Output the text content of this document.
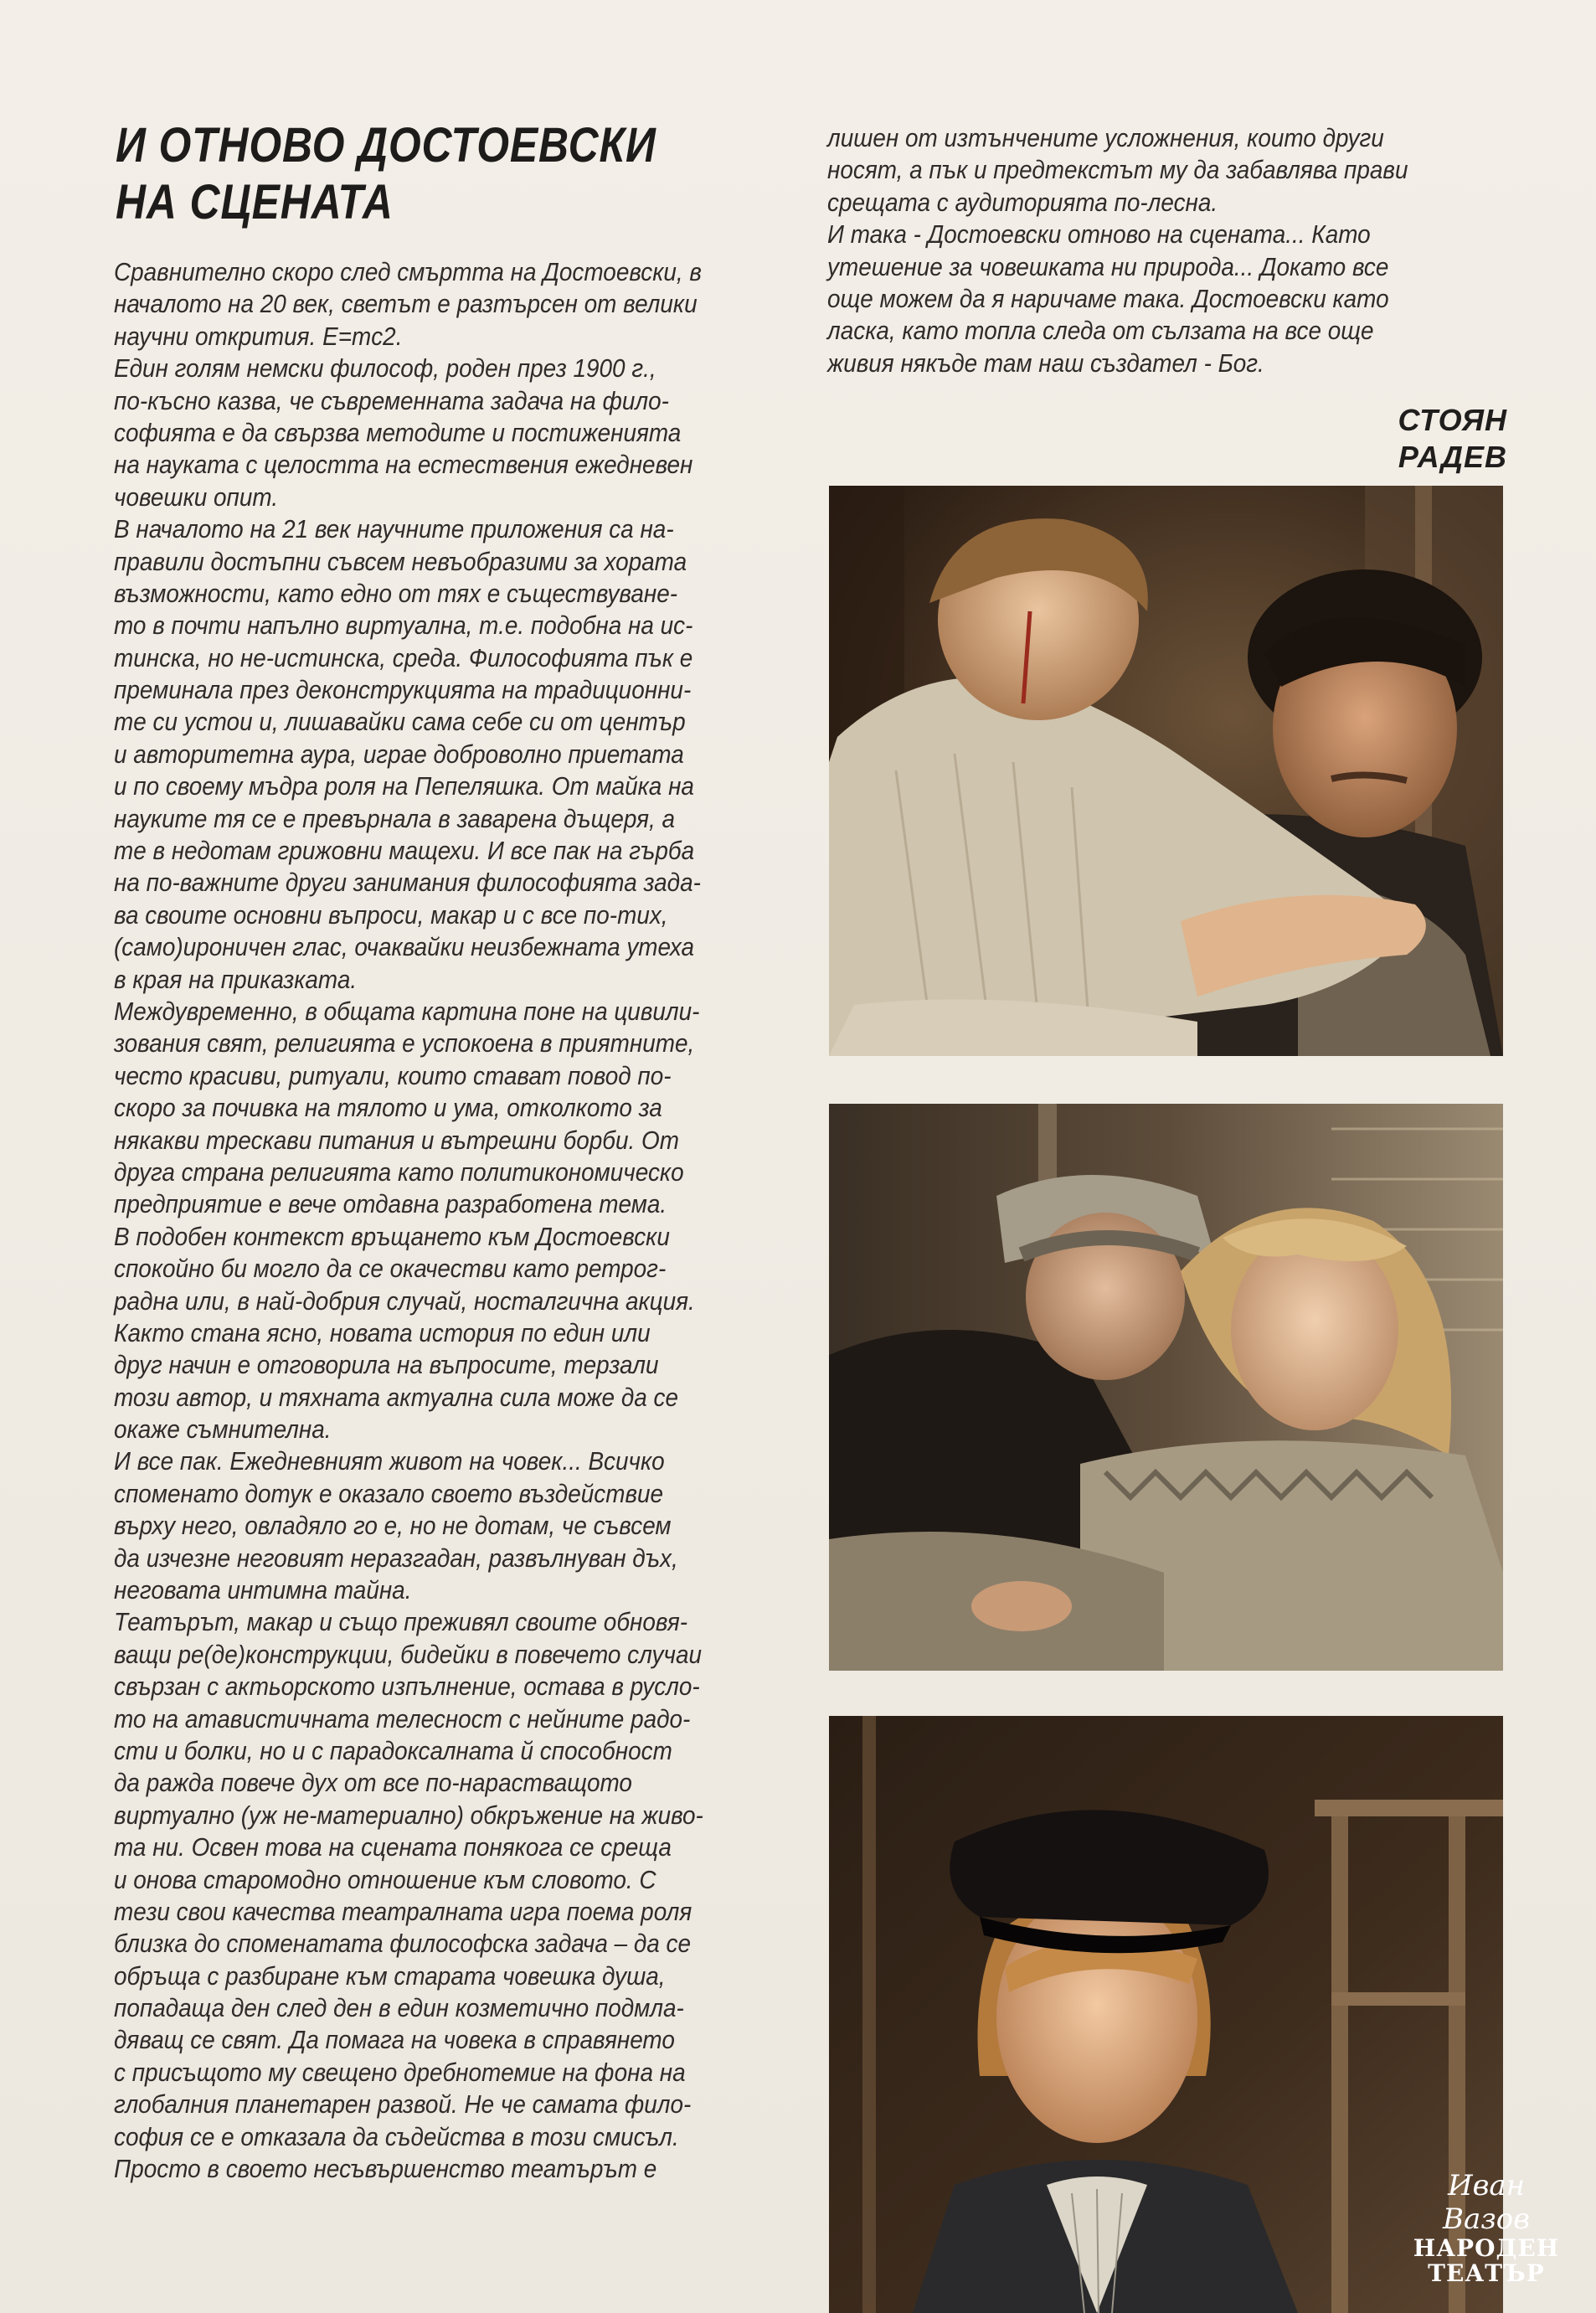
И ОТНОВО ДОСТОЕВСКИ
НА СЦЕНАТА
Сравнително скоро след смъртта на Достоевски, в
началото на 20 век, светът е разтърсен от велики
научни открития. E=mc2.
Един голям немски философ, роден през 1900 г.,
по-късно казва, че съвременната задача на фило-
софията е да свързва методите и постиженията
на науката с целостта на естествения ежедневен
човешки опит.
В началото на 21 век научните приложения са на-
правили достъпни съвсем невъобразими за хората
възможности, като едно от тях е съществуване-
то в почти напълно виртуална, т.е. подобна на ис-
тинска, но не-истинска, среда. Философията пък е
преминала през деконструкцията на традиционни-
те си устои и, лишавайки сама себе си от център
и авторитетна аура, играе доброволно приетата
и по своему мъдра роля на Пепеляшка. От майка на
науките тя се е превърнала в заварена дъщеря, а
те в недотам грижовни мащехи. И все пак на гърба
на по-важните други занимания философията зада-
ва своите основни въпроси, макар и с все по-тих,
(само)ироничен глас, очаквайки неизбежната утеха
в края на приказката.
Междувременно, в общата картина поне на цивили-
зования свят, религията е успокоена в приятните,
често красиви, ритуали, които стават повод по-
скоро за почивка на тялото и ума, отколкото за
някакви трескави питания и вътрешни борби. От
друга страна религията като политикономическо
предприятие е вече отдавна разработена тема.
В подобен контекст връщането към Достоевски
спокойно би могло да се окачестви като ретрог-
радна или, в най-добрия случай, носталгична акция.
Както стана ясно, новата история по един или
друг начин е отговорила на въпросите, терзали
този автор, и тяхната актуална сила може да се
окаже съмнителна.
И все пак. Ежедневният живот на човек... Всичко
споменато дотук е оказало своето въздействие
върху него, овладяло го е, но не дотам, че съвсем
да изчезне неговият неразгадан, развълнуван дъх,
неговата интимна тайна.
Театърът, макар и също преживял своите обновя-
ващи ре(де)конструкции, бидейки в повечето случаи
свързан с актьорското изпълнение, остава в русло-
то на атавистичната телесност с нейните радо-
сти и болки, но и с парадоксалната й способност
да ражда повече дух от все по-нарастващото
виртуално (уж не-материално) обкръжение на живо-
та ни. Освен това на сцената понякога се среща
и онова старомодно отношение към словото. С
тези свои качества театралната игра поема роля
близка до споменатата философска задача – да се
обръща с разбиране към старата човешка душа,
попадаща ден след ден в един козметично подмла-
дяващ се свят. Да помага на човека в справянето
с присъщото му свещено дребнотемие на фона на
глобалния планетарен развой. Не че самата фило-
софия се е отказала да съдейства в този смисъл.
Просто в своето несъвършенство театърът е
лишен от изтънчените усложнения, които други
носят, а пък и предтекстът му да забавлява прави
срещата с аудиторията по-лесна.
И така - Достоевски отново на сцената... Като
утешение за човешката ни природа... Докато все
още можем да я наричаме така. Достоевски като
ласка, като топла следа от сълзата на все още
живия някъде там наш създател - Бог.
СТОЯН РАДЕВ
Иван Вазов
НАРОДЕН
ТЕАТЪР
